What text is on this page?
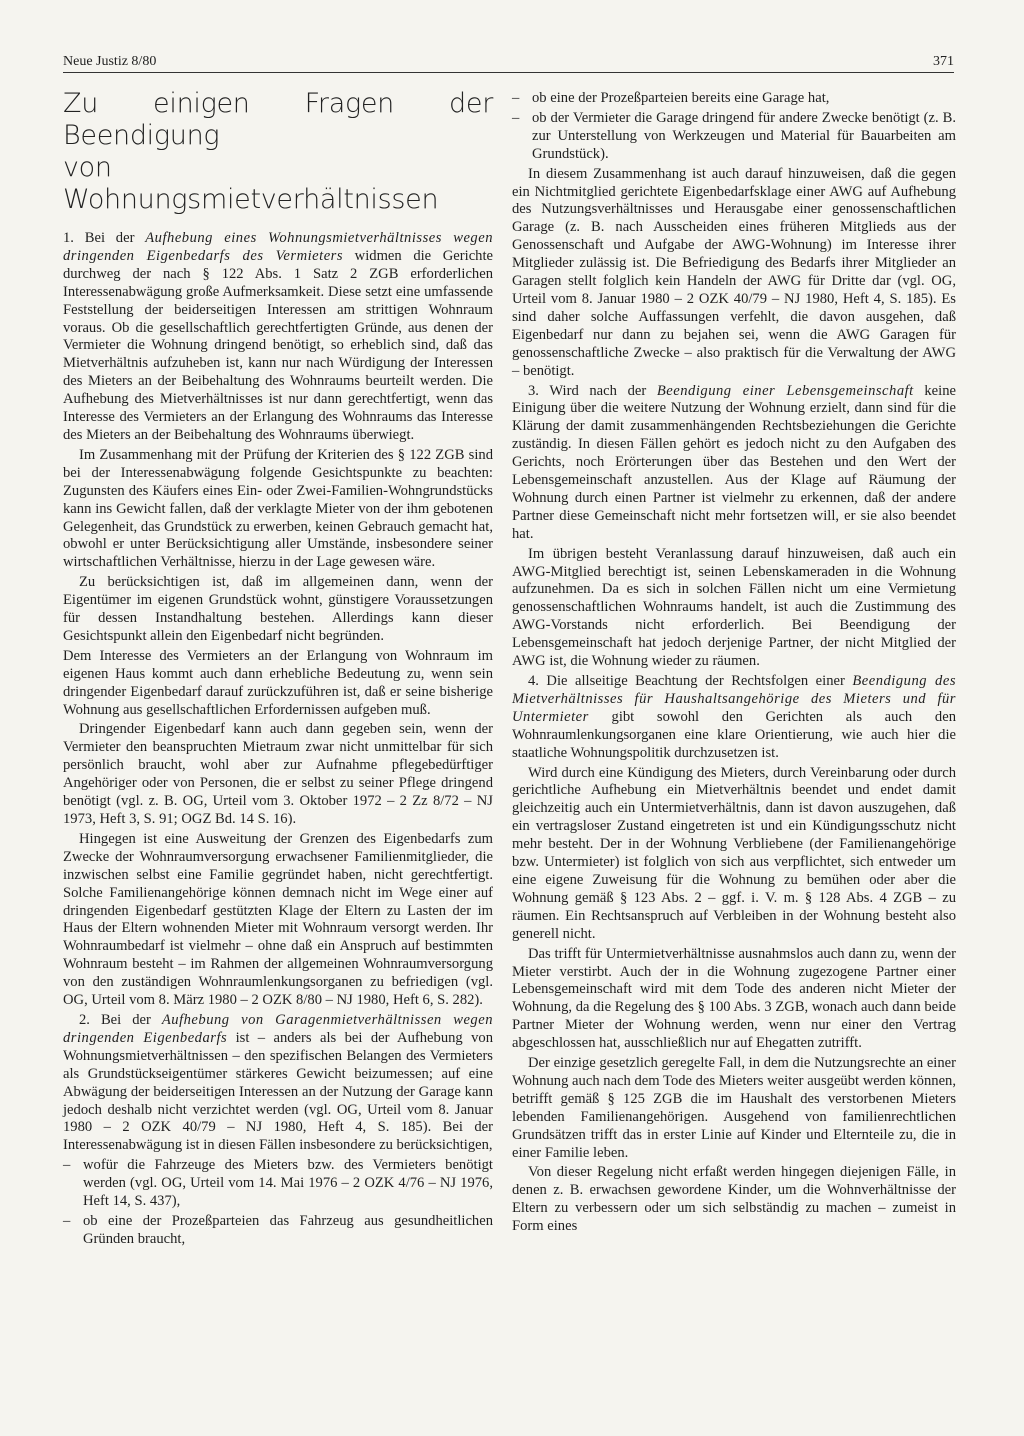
Neue Justiz 8/80	371
Zu einigen Fragen der Beendigung
von Wohnungsmietverhältnissen

1. Bei der Aufhebung eines Wohnungsmietverhältnisses wegen dringenden Eigenbedarfs des Vermieters widmen die Gerichte durchweg der nach § 122 Abs. 1 Satz 2 ZGB erforderlichen Interessenabwägung große Aufmerksamkeit. Diese setzt eine umfassende Feststellung der beiderseitigen Interessen am strittigen Wohnraum voraus. Ob die gesellschaftlich gerechtfertigten Gründe, aus denen der Vermieter die Wohnung dringend benötigt, so erheblich sind, daß das Mietverhältnis aufzuheben ist, kann nur nach Würdigung der Interessen des Mieters an der Beibehaltung des Wohnraums beurteilt werden. Die Aufhebung des Mietverhältnisses ist nur dann gerechtfertigt, wenn das Interesse des Vermieters an der Erlangung des Wohnraums das Interesse des Mieters an der Beibehaltung des Wohnraums überwiegt.

Im Zusammenhang mit der Prüfung der Kriterien des § 122 ZGB sind bei der Interessenabwägung folgende Gesichtspunkte zu beachten: Zugunsten des Käufers eines Ein- oder Zwei-Familien-Wohngrundstücks kann ins Gewicht fallen, daß der verklagte Mieter von der ihm gebotenen Gelegenheit, das Grundstück zu erwerben, keinen Gebrauch gemacht hat, obwohl er unter Berücksichtigung aller Umstände, insbesondere seiner wirtschaftlichen Verhältnisse, hierzu in der Lage gewesen wäre.

Zu berücksichtigen ist, daß im allgemeinen dann, wenn der Eigentümer im eigenen Grundstück wohnt, günstigere Voraussetzungen für dessen Instandhaltung bestehen. Allerdings kann dieser Gesichtspunkt allein den Eigenbedarf nicht begründen.

Dem Interesse des Vermieters an der Erlangung von Wohnraum im eigenen Haus kommt auch dann erhebliche Bedeutung zu, wenn sein dringender Eigenbedarf darauf zurückzuführen ist, daß er seine bisherige Wohnung aus gesellschaftlichen Erfordernissen aufgeben muß.

Dringender Eigenbedarf kann auch dann gegeben sein, wenn der Vermieter den beanspruchten Mietraum zwar nicht unmittelbar für sich persönlich braucht, wohl aber zur Aufnahme pflegebedürftiger Angehöriger oder von Personen, die er selbst zu seiner Pflege dringend benötigt (vgl. z. B. OG, Urteil vom 3. Oktober 1972 – 2 Zz 8/72 – NJ 1973, Heft 3, S. 91; OGZ Bd. 14 S. 16).

Hingegen ist eine Ausweitung der Grenzen des Eigenbedarfs zum Zwecke der Wohnraumversorgung erwachsener Familienmitglieder, die inzwischen selbst eine Familie gegründet haben, nicht gerechtfertigt. Solche Familienangehörige können demnach nicht im Wege einer auf dringenden Eigenbedarf gestützten Klage der Eltern zu Lasten der im Haus der Eltern wohnenden Mieter mit Wohnraum versorgt werden. Ihr Wohnraumbedarf ist vielmehr – ohne daß ein Anspruch auf bestimmten Wohnraum besteht – im Rahmen der allgemeinen Wohnraumversorgung von den zuständigen Wohnraumlenkungsorganen zu befriedigen (vgl. OG, Urteil vom 8. März 1980 – 2 OZK 8/80 – NJ 1980, Heft 6, S. 282).

2. Bei der Aufhebung von Garagenmietverhältnissen wegen dringenden Eigenbedarfs ist – anders als bei der Aufhebung von Wohnungsmietverhältnissen – den spezifischen Belangen des Vermieters als Grundstückseigentümer stärkeres Gewicht beizumessen; auf eine Abwägung der beiderseitigen Interessen an der Nutzung der Garage kann jedoch deshalb nicht verzichtet werden (vgl. OG, Urteil vom 8. Januar 1980 – 2 OZK 40/79 – NJ 1980, Heft 4, S. 185). Bei der Interessenabwägung ist in diesen Fällen insbesondere zu berücksichtigen,

– wofür die Fahrzeuge des Mieters bzw. des Vermieters benötigt werden (vgl. OG, Urteil vom 14. Mai 1976 – 2 OZK 4/76 – NJ 1976, Heft 14, S. 437),
– ob eine der Prozeßparteien das Fahrzeug aus gesundheitlichen Gründen braucht,
– ob eine der Prozeßparteien bereits eine Garage hat,
– ob der Vermieter die Garage dringend für andere Zwecke benötigt (z. B. zur Unterstellung von Werkzeugen und Material für Bauarbeiten am Grundstück).

In diesem Zusammenhang ist auch darauf hinzuweisen, daß die gegen ein Nichtmitglied gerichtete Eigenbedarfsklage einer AWG auf Aufhebung des Nutzungsverhältnisses und Herausgabe einer genossenschaftlichen Garage (z. B. nach Ausscheiden eines früheren Mitglieds aus der Genossenschaft und Aufgabe der AWG-Wohnung) im Interesse ihrer Mitglieder zulässig ist. Die Befriedigung des Bedarfs ihrer Mitglieder an Garagen stellt folglich kein Handeln der AWG für Dritte dar (vgl. OG, Urteil vom 8. Januar 1980 – 2 OZK 40/79 – NJ 1980, Heft 4, S. 185). Es sind daher solche Auffassungen verfehlt, die davon ausgehen, daß Eigenbedarf nur dann zu bejahen sei, wenn die AWG Garagen für genossenschaftliche Zwecke – also praktisch für die Verwaltung der AWG – benötigt.

3. Wird nach der Beendigung einer Lebensgemeinschaft keine Einigung über die weitere Nutzung der Wohnung erzielt, dann sind für die Klärung der damit zusammenhängenden Rechtsbeziehungen die Gerichte zuständig. In diesen Fällen gehört es jedoch nicht zu den Aufgaben des Gerichts, noch Erörterungen über das Bestehen und den Wert der Lebensgemeinschaft anzustellen. Aus der Klage auf Räumung der Wohnung durch einen Partner ist vielmehr zu erkennen, daß der andere Partner diese Gemeinschaft nicht mehr fortsetzen will, er sie also beendet hat.

Im übrigen besteht Veranlassung darauf hinzuweisen, daß auch ein AWG-Mitglied berechtigt ist, seinen Lebenskameraden in die Wohnung aufzunehmen. Da es sich in solchen Fällen nicht um eine Vermietung genossenschaftlichen Wohnraums handelt, ist auch die Zustimmung des AWG-Vorstands nicht erforderlich. Bei Beendigung der Lebensgemeinschaft hat jedoch derjenige Partner, der nicht Mitglied der AWG ist, die Wohnung wieder zu räumen.

4. Die allseitige Beachtung der Rechtsfolgen einer Beendigung des Mietverhältnisses für Haushaltsangehörige des Mieters und für Untermieter gibt sowohl den Gerichten als auch den Wohnraumlenkungsorganen eine klare Orientierung, wie auch hier die staatliche Wohnungspolitik durchzusetzen ist.

Wird durch eine Kündigung des Mieters, durch Vereinbarung oder durch gerichtliche Aufhebung ein Mietverhältnis beendet und endet damit gleichzeitig auch ein Untermietverhältnis, dann ist davon auszugehen, daß ein vertragsloser Zustand eingetreten ist und ein Kündigungsschutz nicht mehr besteht. Der in der Wohnung Verbliebene (der Familienangehörige bzw. Untermieter) ist folglich von sich aus verpflichtet, sich entweder um eine eigene Zuweisung für die Wohnung zu bemühen oder aber die Wohnung gemäß § 123 Abs. 2 – ggf. i. V. m. § 128 Abs. 4 ZGB – zu räumen. Ein Rechtsanspruch auf Verbleiben in der Wohnung besteht also generell nicht.

Das trifft für Untermietverhältnisse ausnahmslos auch dann zu, wenn der Mieter verstirbt. Auch der in die Wohnung zugezogene Partner einer Lebensgemeinschaft wird mit dem Tode des anderen nicht Mieter der Wohnung, da die Regelung des § 100 Abs. 3 ZGB, wonach auch dann beide Partner Mieter der Wohnung werden, wenn nur einer den Vertrag abgeschlossen hat, ausschließlich nur auf Ehegatten zutrifft.

Der einzige gesetzlich geregelte Fall, in dem die Nutzungsrechte an einer Wohnung auch nach dem Tode des Mieters weiter ausgeübt werden können, betrifft gemäß § 125 ZGB die im Haushalt des verstorbenen Mieters lebenden Familienangehörigen. Ausgehend von familienrechtlichen Grundsätzen trifft das in erster Linie auf Kinder und Elternteile zu, die in einer Familie leben.

Von dieser Regelung nicht erfaßt werden hingegen diejenigen Fälle, in denen z. B. erwachsen gewordene Kinder, um die Wohnverhältnisse der Eltern zu verbessern oder um sich selbständig zu machen – zumeist in Form eines
